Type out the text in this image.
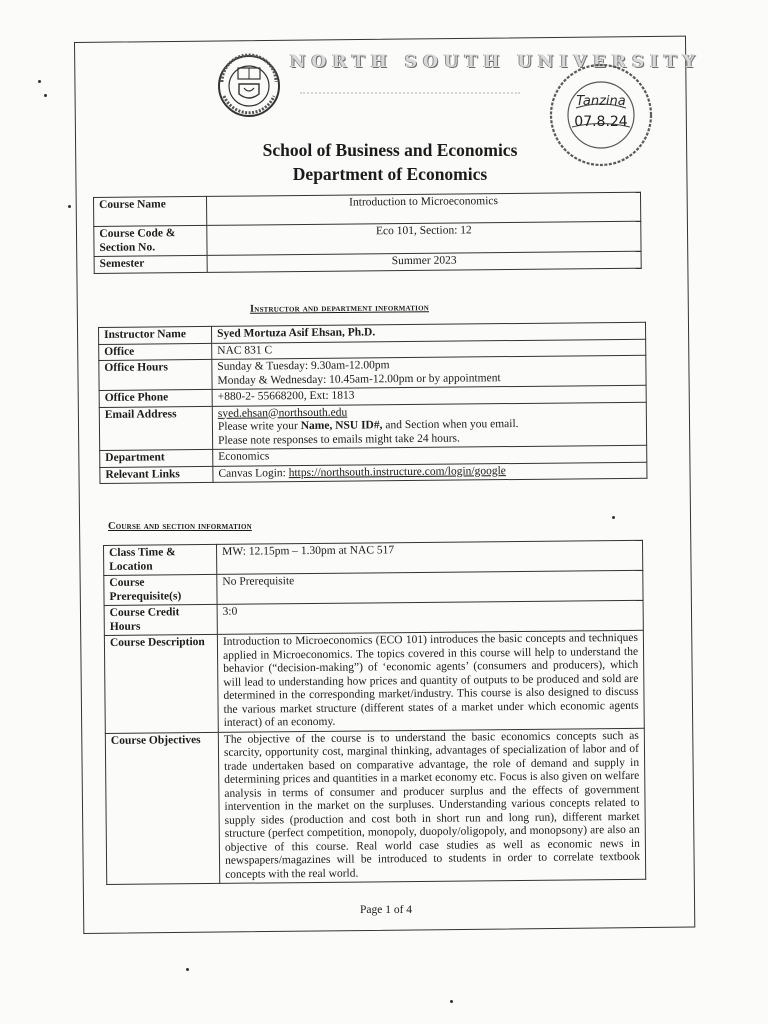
NORTH SOUTH UNIVERSITY
Tanzina
07.8.24
School of Business and Economics
Department of Economics
Course Name	Introduction to Microeconomics
Course Code & Section No.	Eco 101, Section: 12
Semester	Summer 2023

Instructor and department information

Instructor Name	Syed Mortuza Asif Ehsan, Ph.D.
Office	NAC 831 C
Office Hours	Sunday & Tuesday: 9.30am-12.00pm
Monday & Wednesday: 10.45am-12.00pm or by appointment

Office Phone	+880-2- 55668200, Ext: 1813
Email Address	syed.ehsan@northsouth.edu
Please write your Name, NSU ID#, and Section when you email.
Please note responses to emails might take 24 hours.

Department	Economics
Relevant Links	Canvas Login: https://northsouth.instructure.com/login/google

Course and section information

Class Time & Location	MW: 12.15pm – 1.30pm at NAC 517
Course Prerequisite(s)	No Prerequisite
Course Credit Hours	3:0
Course Description	Introduction to Microeconomics (ECO 101) introduces the basic concepts and techniques applied in Microeconomics. The topics covered in this course will help to understand the behavior (“decision-making”) of ‘economic agents’ (consumers and producers), which will lead to understanding how prices and quantity of outputs to be produced and sold are determined in the corresponding market/industry. This course is also designed to discuss the various market structure (different states of a market under which economic agents interact) of an economy.
Course Objectives	The objective of the course is to understand the basic economics concepts such as scarcity, opportunity cost, marginal thinking, advantages of specialization of labor and of trade undertaken based on comparative advantage, the role of demand and supply in determining prices and quantities in a market economy etc. Focus is also given on welfare analysis in terms of consumer and producer surplus and the effects of government intervention in the market on the surpluses. Understanding various concepts related to supply sides (production and cost both in short run and long run), different market structure (perfect competition, monopoly, duopoly/oligopoly, and monopsony) are also an objective of this course. Real world case studies as well as economic news in newspapers/magazines will be introduced to students in order to correlate textbook concepts with the real world.
Page 1 of 4
